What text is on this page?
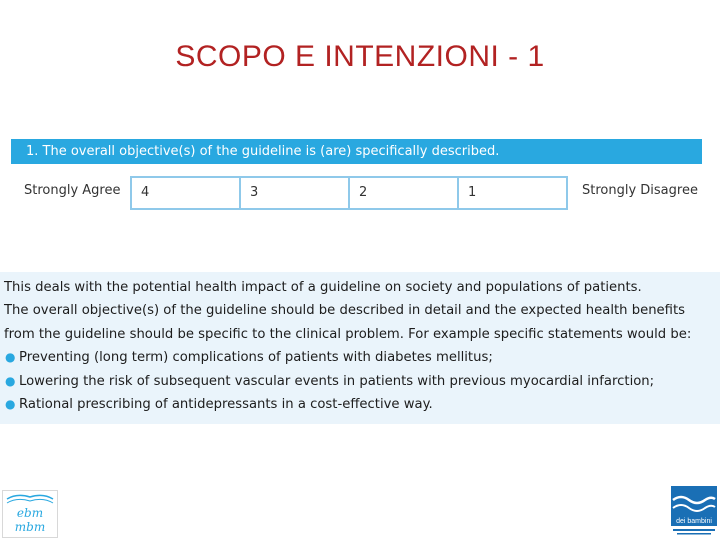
SCOPO E INTENZIONI - 1
1. The overall objective(s) of the guideline is (are) specifically described.
Strongly Agree	4	3	2	1	Strongly Disagree

This deals with the potential health impact of a guideline on society and populations of patients.

The overall objective(s) of the guideline should be described in detail and the expected health benefits from the guideline should be specific to the clinical problem. For example specific statements would be:

● Preventing (long term) complications of patients with diabetes mellitus;
● Lowering the risk of subsequent vascular events in patients with previous myocardial infarction;
● Rational prescribing of antidepressants in a cost-effective way.
ebm
mbm	dei bambini
